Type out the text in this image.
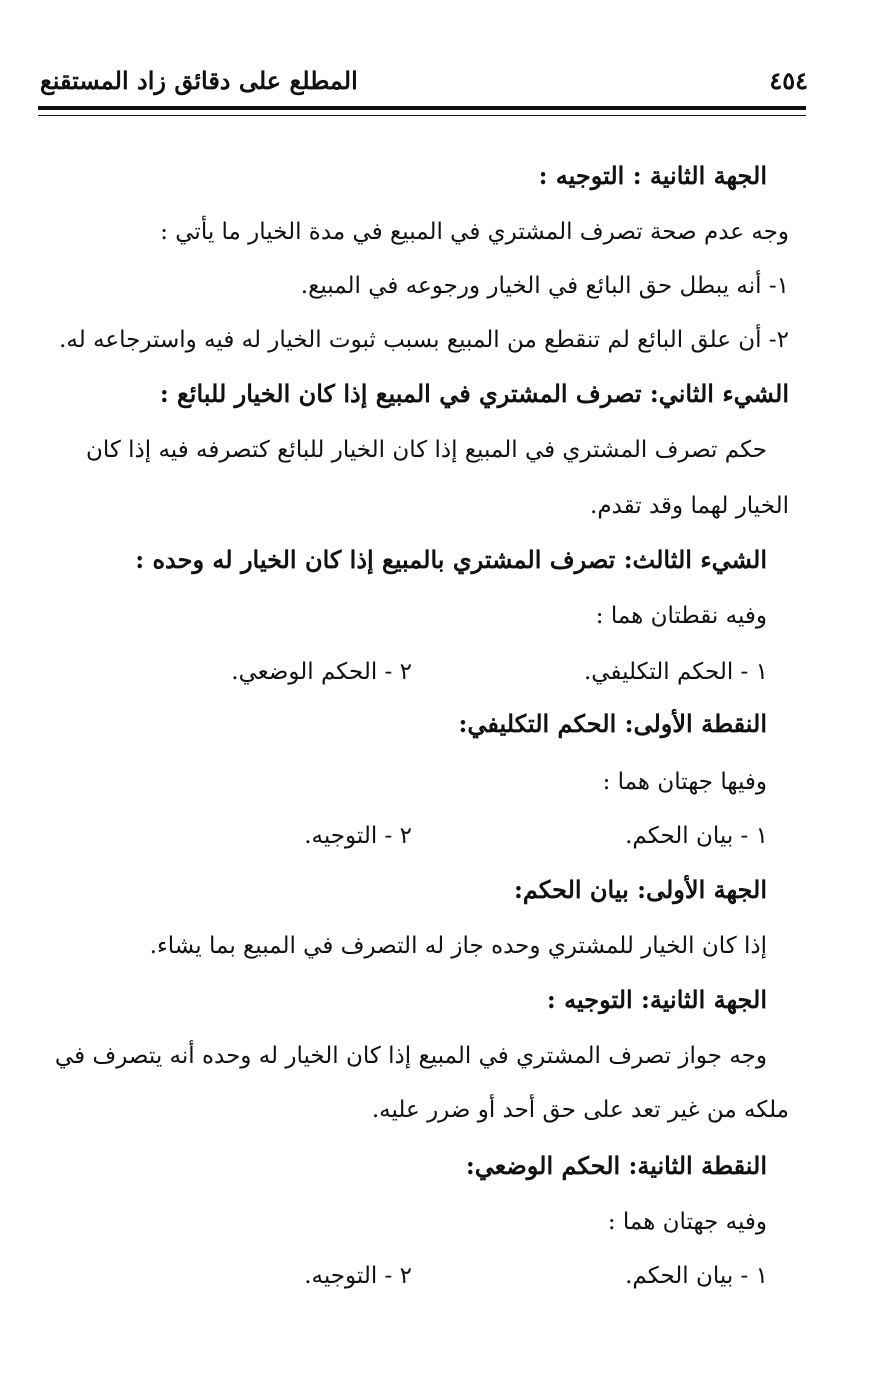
المطلع على دقائق زاد المستقنع	٤٥٤
الجهة الثانية : التوجيه :
وجه عدم صحة تصرف المشتري في المبيع في مدة الخيار ما يأتي :
١- أنه يبطل حق البائع في الخيار ورجوعه في المبيع.
٢- أن علق البائع لم تنقطع من المبيع بسبب ثبوت الخيار له فيه واسترجاعه له.
الشيء الثاني: تصرف المشتري في المبيع إذا كان الخيار للبائع :
حكم تصرف المشتري في المبيع إذا كان الخيار للبائع كتصرفه فيه إذا كان
الخيار لهما وقد تقدم.
الشيء الثالث: تصرف المشتري بالمبيع إذا كان الخيار له وحده :
وفيه نقطتان هما :
١ - الحكم التكليفي.
٢ - الحكم الوضعي.
النقطة الأولى: الحكم التكليفي:
وفيها جهتان هما :
١ - بيان الحكم.
٢ - التوجيه.
الجهة الأولى: بيان الحكم:
إذا كان الخيار للمشتري وحده جاز له التصرف في المبيع بما يشاء.
الجهة الثانية: التوجيه :
وجه جواز تصرف المشتري في المبيع إذا كان الخيار له وحده أنه يتصرف في
ملكه من غير تعد على حق أحد أو ضرر عليه.
النقطة الثانية: الحكم الوضعي:
وفيه جهتان هما :
١ - بيان الحكم.
٢ - التوجيه.
